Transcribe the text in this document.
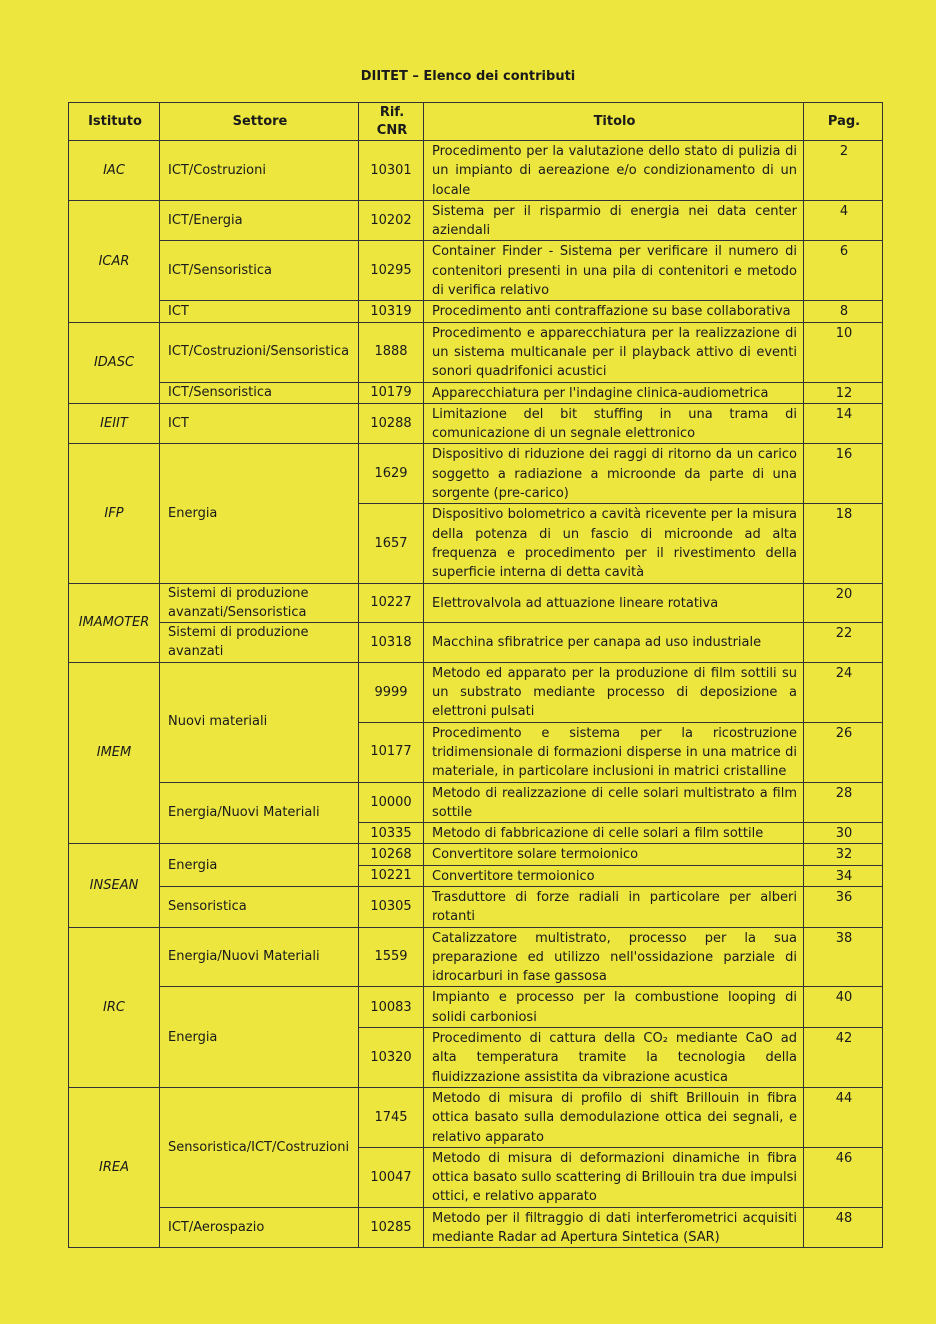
DIITET – Elenco dei contributi
Istituto	Settore	Rif. CNR	Titolo	Pag.
IAC	ICT/Costruzioni	10301	Procedimento per la valutazione dello stato di pulizia di un impianto di aereazione e/o condizionamento di un locale	2
ICAR	ICT/Energia	10202	Sistema per il risparmio di energia nei data center aziendali	4
	ICT/Sensoristica	10295	Container Finder - Sistema per verificare il numero di contenitori presenti in una pila di contenitori e metodo di verifica relativo	6
	ICT	10319	Procedimento anti contraffazione su base collaborativa	8
IDASC	ICT/Costruzioni/Sensoristica	1888	Procedimento e apparecchiatura per la realizzazione di un sistema multicanale per il playback attivo di eventi sonori quadrifonici acustici	10
	ICT/Sensoristica	10179	Apparecchiatura per l'indagine clinica-audiometrica	12
IEIIT	ICT	10288	Limitazione del bit stuffing in una trama di comunicazione di un segnale elettronico	14
IFP	Energia	1629	Dispositivo di riduzione dei raggi di ritorno da un carico soggetto a radiazione a microonde da parte di una sorgente (pre-carico)	16
		1657	Dispositivo bolometrico a cavità ricevente per la misura della potenza di un fascio di microonde ad alta frequenza e procedimento per il rivestimento della superficie interna di detta cavità	18
IMAMOTER	Sistemi di produzione avanzati/Sensoristica	10227	Elettrovalvola ad attuazione lineare rotativa	20
	Sistemi di produzione avanzati	10318	Macchina sfibratrice per canapa ad uso industriale	22
IMEM	Nuovi materiali	9999	Metodo ed apparato per la produzione di film sottili su un substrato mediante processo di deposizione a elettroni pulsati	24
		10177	Procedimento e sistema per la ricostruzione tridimensionale di formazioni disperse in una matrice di materiale, in particolare inclusioni in matrici cristalline	26
	Energia/Nuovi Materiali	10000	Metodo di realizzazione di celle solari multistrato a film sottile	28
		10335	Metodo di fabbricazione di celle solari a film sottile	30
INSEAN	Energia	10268	Convertitore solare termoionico	32
		10221	Convertitore termoionico	34
	Sensoristica	10305	Trasduttore di forze radiali in particolare per alberi rotanti	36
IRC	Energia/Nuovi Materiali	1559	Catalizzatore multistrato, processo per la sua preparazione ed utilizzo nell'ossidazione parziale di idrocarburi in fase gassosa	38
	Energia	10083	Impianto e processo per la combustione looping di solidi carboniosi	40
		10320	Procedimento di cattura della CO₂ mediante CaO ad alta temperatura tramite la tecnologia della fluidizzazione assistita da vibrazione acustica	42
IREA	Sensoristica/ICT/Costruzioni	1745	Metodo di misura di profilo di shift Brillouin in fibra ottica basato sulla demodulazione ottica dei segnali, e relativo apparato	44
		10047	Metodo di misura di deformazioni dinamiche in fibra ottica basato sullo scattering di Brillouin tra due impulsi ottici, e relativo apparato	46
	ICT/Aerospazio	10285	Metodo per il filtraggio di dati interferometrici acquisiti mediante Radar ad Apertura Sintetica (SAR)	48
